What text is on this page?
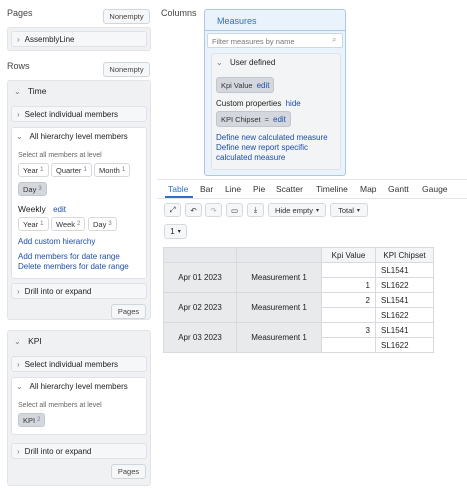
Pages	Nonempty
› AssemblyLine
Rows	Nonempty
⌄ Time
› Select individual members
⌄ All hierarchy level members
Select all members at level
Year 1 Quarter 1 Month 1
Day 3
Weekly edit
Year 1 Week 2 Day 3
Add custom hierarchy
Add members for date range
Delete members for date range
› Drill into or expand
Pages
⌄ KPI
› Select individual members
⌄ All hierarchy level members
Select all members at level
KPI 2
› Drill into or expand
Pages
Columns
Measures
Filter measures by name	⌕
⌄ User defined
Kpi Value edit
Custom properties hide
KPI Chipset = edit
Define new calculated measure
Define new report specific
calculated measure
Table Bar Line Pie Scatter Timeline Map Gantt Gauge
⤢	↶	↷	▭	⤓	Hide empty ▾	Total ▾
1 ▾
		Kpi Value	KPI Chipset
Apr 01 2023	Measurement 1		SL1541
		1	SL1622
Apr 02 2023	Measurement 1	2	SL1541
			SL1622
Apr 03 2023	Measurement 1	3	SL1541
			SL1622
